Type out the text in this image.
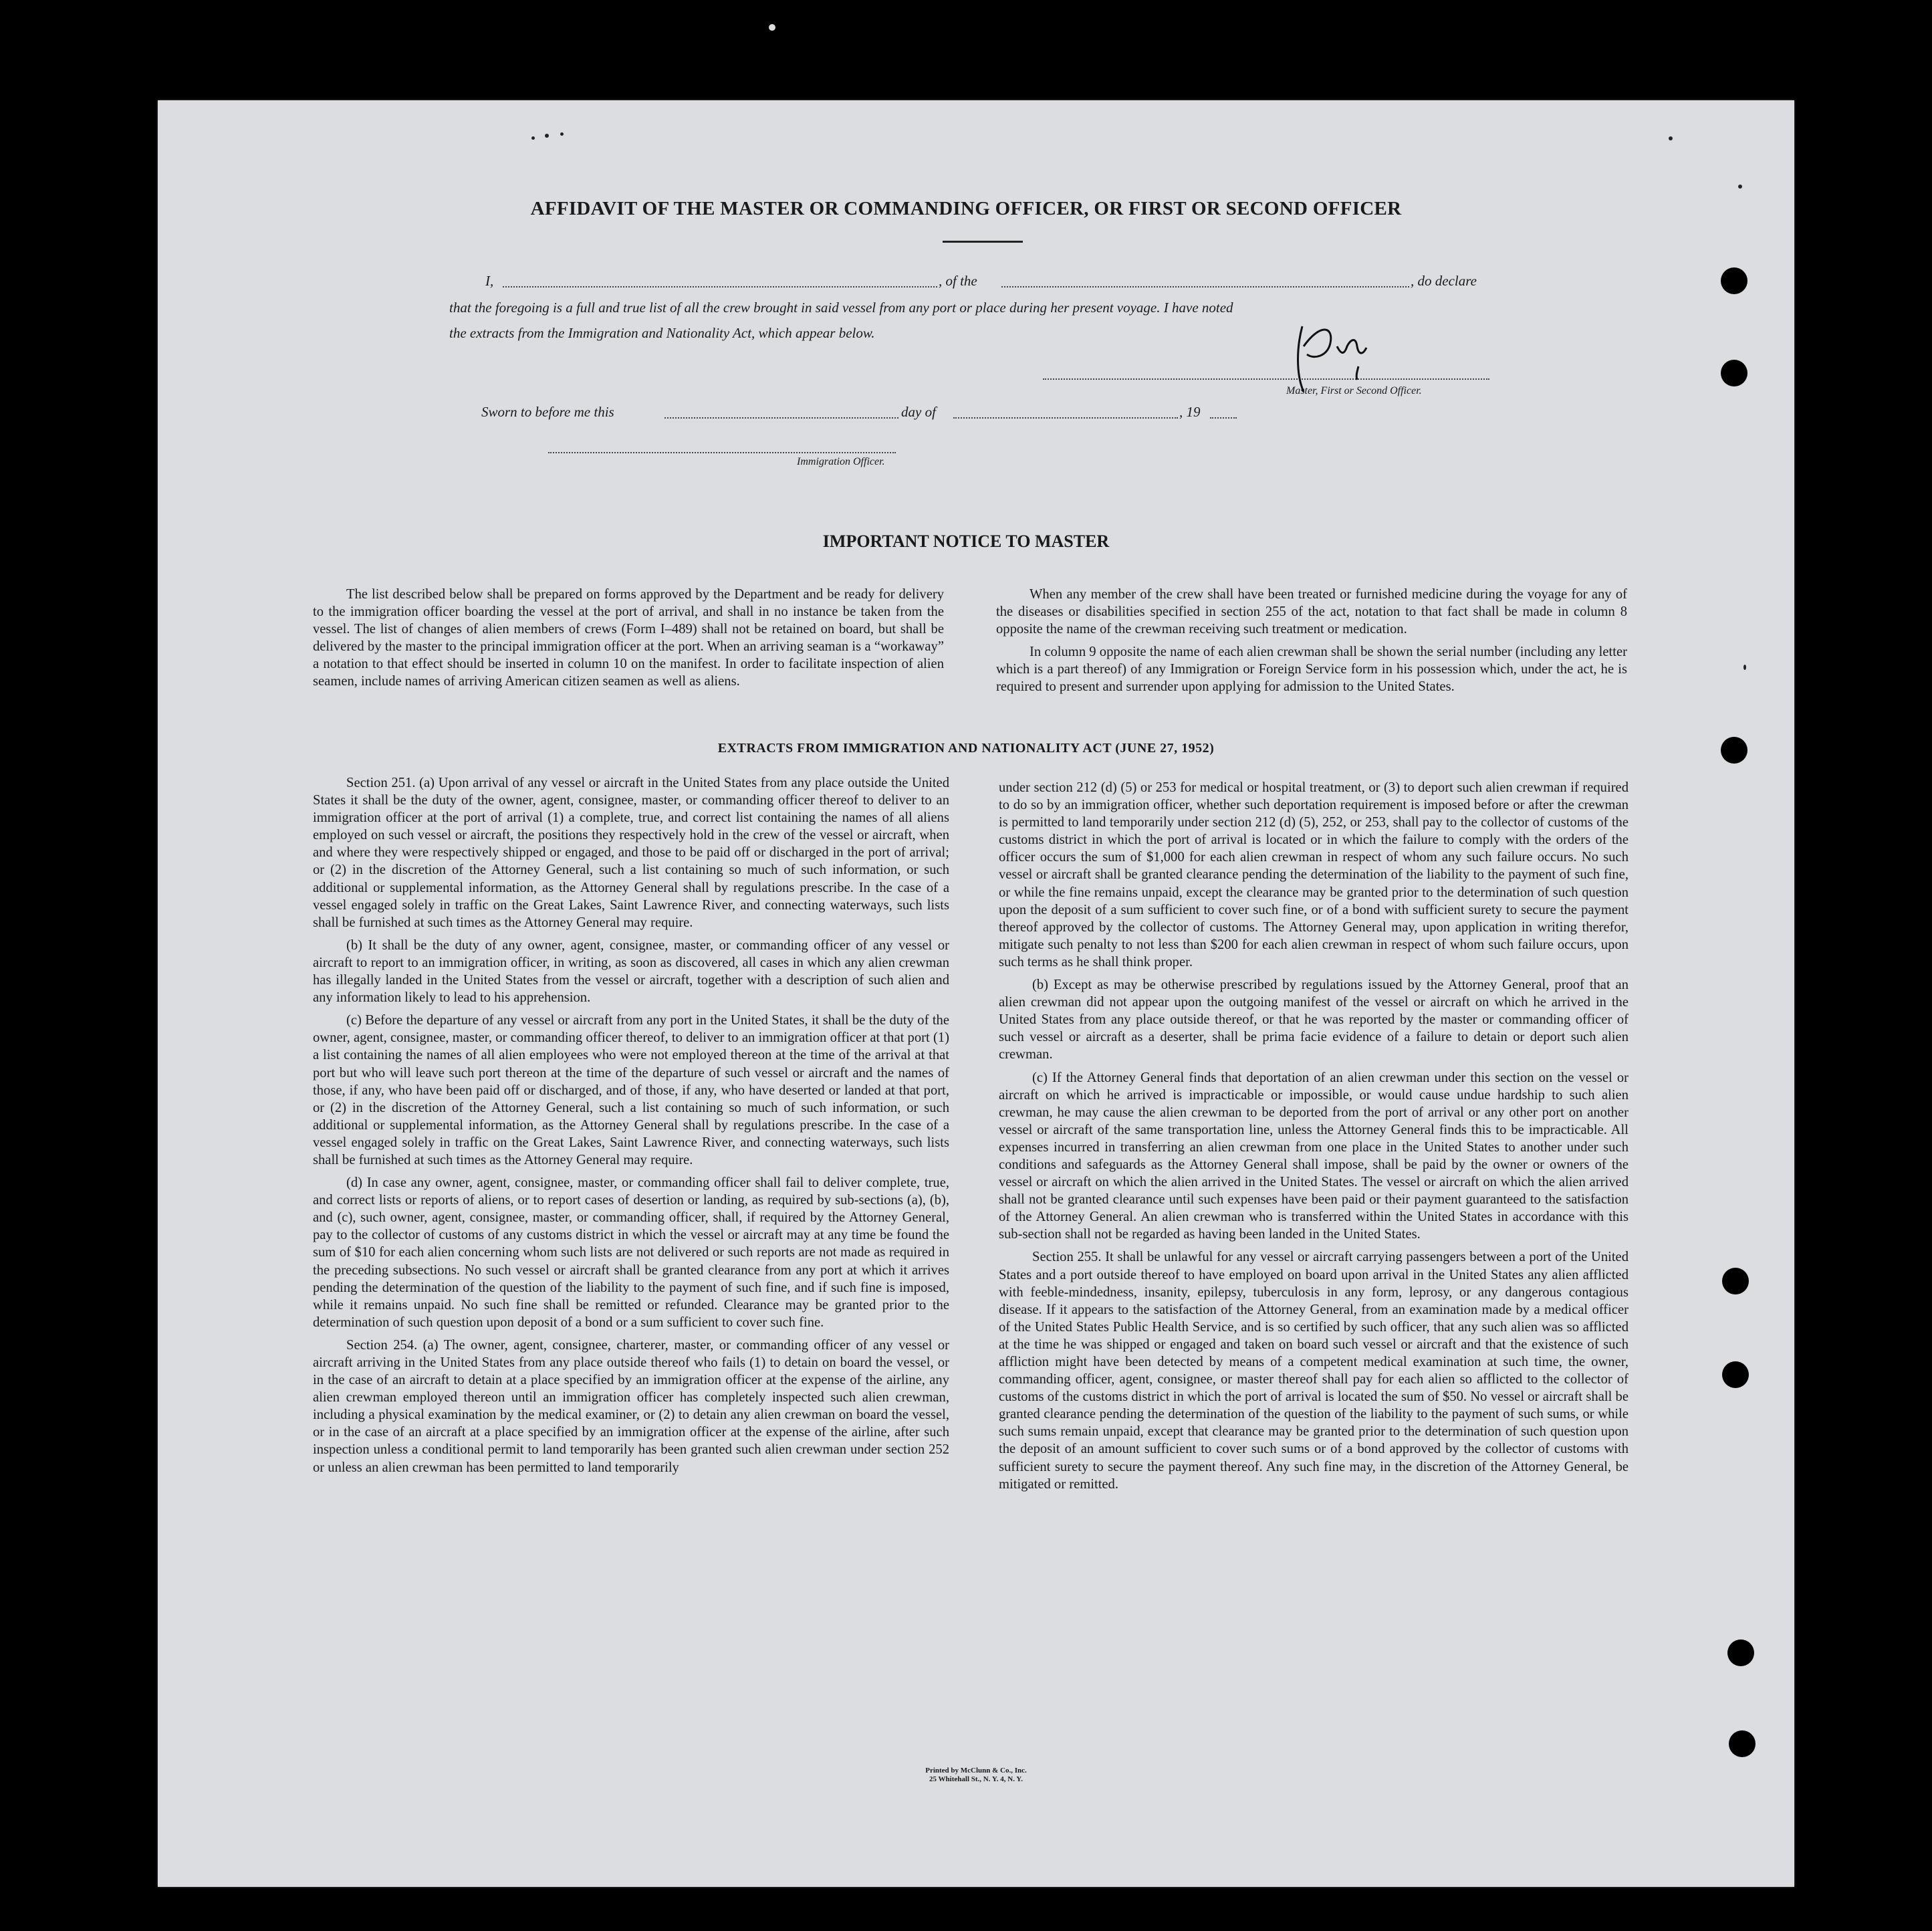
AFFIDAVIT OF THE MASTER OR COMMANDING OFFICER, OR FIRST OR SECOND OFFICER
I,	, of the	, do declare
that the foregoing is a full and true list of all the crew brought in said vessel from any port or place during her present voyage. I have noted
the extracts from the Immigration and Nationality Act, which appear below.
Master, First or Second Officer.
Sworn to before me this	day of	, 19
Immigration Officer.
IMPORTANT NOTICE TO MASTER

The list described below shall be prepared on forms approved by the Department and be ready for delivery to the immigration officer boarding the vessel at the port of arrival, and shall in no instance be taken from the vessel. The list of changes of alien members of crews (Form I–489) shall not be retained on board, but shall be delivered by the master to the principal immigration officer at the port. When an arriving seaman is a “workaway” a notation to that effect should be inserted in column 10 on the manifest. In order to facilitate inspection of alien seamen, include names of arriving American citizen seamen as well as aliens.

When any member of the crew shall have been treated or furnished medicine during the voyage for any of the diseases or disabilities specified in section 255 of the act, notation to that fact shall be made in column 8 opposite the name of the crewman receiving such treatment or medication.

In column 9 opposite the name of each alien crewman shall be shown the serial number (including any letter which is a part thereof) of any Immigration or Foreign Service form in his possession which, under the act, he is required to present and surrender upon applying for admission to the United States.

EXTRACTS FROM IMMIGRATION AND NATIONALITY ACT (JUNE 27, 1952)

Section 251. (a) Upon arrival of any vessel or aircraft in the United States from any place outside the United States it shall be the duty of the owner, agent, consignee, master, or commanding officer thereof to deliver to an immigration officer at the port of arrival (1) a complete, true, and correct list containing the names of all aliens employed on such vessel or aircraft, the positions they respectively hold in the crew of the vessel or aircraft, when and where they were respectively shipped or engaged, and those to be paid off or discharged in the port of arrival; or (2) in the discretion of the Attorney General, such a list containing so much of such information, or such additional or supplemental information, as the Attorney General shall by regulations prescribe. In the case of a vessel engaged solely in traffic on the Great Lakes, Saint Lawrence River, and connecting waterways, such lists shall be furnished at such times as the Attorney General may require.

(b) It shall be the duty of any owner, agent, consignee, master, or commanding officer of any vessel or aircraft to report to an immigration officer, in writing, as soon as discovered, all cases in which any alien crewman has illegally landed in the United States from the vessel or aircraft, together with a description of such alien and any information likely to lead to his apprehension.

(c) Before the departure of any vessel or aircraft from any port in the United States, it shall be the duty of the owner, agent, consignee, master, or commanding officer thereof, to deliver to an immigration officer at that port (1) a list containing the names of all alien employees who were not employed thereon at the time of the arrival at that port but who will leave such port thereon at the time of the departure of such vessel or aircraft and the names of those, if any, who have been paid off or discharged, and of those, if any, who have deserted or landed at that port, or (2) in the discretion of the Attorney General, such a list containing so much of such information, or such additional or supplemental information, as the Attorney General shall by regulations prescribe. In the case of a vessel engaged solely in traffic on the Great Lakes, Saint Lawrence River, and connecting waterways, such lists shall be furnished at such times as the Attorney General may require.

(d) In case any owner, agent, consignee, master, or commanding officer shall fail to deliver complete, true, and correct lists or reports of aliens, or to report cases of desertion or landing, as required by sub-sections (a), (b), and (c), such owner, agent, consignee, master, or commanding officer, shall, if required by the Attorney General, pay to the collector of customs of any customs district in which the vessel or aircraft may at any time be found the sum of $10 for each alien concerning whom such lists are not delivered or such reports are not made as required in the preceding subsections. No such vessel or aircraft shall be granted clearance from any port at which it arrives pending the determination of the question of the liability to the payment of such fine, and if such fine is imposed, while it remains unpaid. No such fine shall be remitted or refunded. Clearance may be granted prior to the determination of such question upon deposit of a bond or a sum sufficient to cover such fine.

Section 254. (a) The owner, agent, consignee, charterer, master, or commanding officer of any vessel or aircraft arriving in the United States from any place outside thereof who fails (1) to detain on board the vessel, or in the case of an aircraft to detain at a place specified by an immigration officer at the expense of the airline, any alien crewman employed thereon until an immigration officer has completely inspected such alien crewman, including a physical examination by the medical examiner, or (2) to detain any alien crewman on board the vessel, or in the case of an aircraft at a place specified by an immigration officer at the expense of the airline, after such inspection unless a conditional permit to land temporarily has been granted such alien crewman under section 252 or unless an alien crewman has been permitted to land temporarily

under section 212 (d) (5) or 253 for medical or hospital treatment, or (3) to deport such alien crewman if required to do so by an immigration officer, whether such deportation requirement is imposed before or after the crewman is permitted to land temporarily under section 212 (d) (5), 252, or 253, shall pay to the collector of customs of the customs district in which the port of arrival is located or in which the failure to comply with the orders of the officer occurs the sum of $1,000 for each alien crewman in respect of whom any such failure occurs. No such vessel or aircraft shall be granted clearance pending the determination of the liability to the payment of such fine, or while the fine remains unpaid, except the clearance may be granted prior to the determination of such question upon the deposit of a sum sufficient to cover such fine, or of a bond with sufficient surety to secure the payment thereof approved by the collector of customs. The Attorney General may, upon application in writing therefor, mitigate such penalty to not less than $200 for each alien crewman in respect of whom such failure occurs, upon such terms as he shall think proper.

(b) Except as may be otherwise prescribed by regulations issued by the Attorney General, proof that an alien crewman did not appear upon the outgoing manifest of the vessel or aircraft on which he arrived in the United States from any place outside thereof, or that he was reported by the master or commanding officer of such vessel or aircraft as a deserter, shall be prima facie evidence of a failure to detain or deport such alien crewman.

(c) If the Attorney General finds that deportation of an alien crewman under this section on the vessel or aircraft on which he arrived is impracticable or impossible, or would cause undue hardship to such alien crewman, he may cause the alien crewman to be deported from the port of arrival or any other port on another vessel or aircraft of the same transportation line, unless the Attorney General finds this to be impracticable. All expenses incurred in transferring an alien crewman from one place in the United States to another under such conditions and safeguards as the Attorney General shall impose, shall be paid by the owner or owners of the vessel or aircraft on which the alien arrived in the United States. The vessel or aircraft on which the alien arrived shall not be granted clearance until such expenses have been paid or their payment guaranteed to the satisfaction of the Attorney General. An alien crewman who is transferred within the United States in accordance with this sub-section shall not be regarded as having been landed in the United States.

Section 255. It shall be unlawful for any vessel or aircraft carrying passengers between a port of the United States and a port outside thereof to have employed on board upon arrival in the United States any alien afflicted with feeble-mindedness, insanity, epilepsy, tuberculosis in any form, leprosy, or any dangerous contagious disease. If it appears to the satisfaction of the Attorney General, from an examination made by a medical officer of the United States Public Health Service, and is so certified by such officer, that any such alien was so afflicted at the time he was shipped or engaged and taken on board such vessel or aircraft and that the existence of such affliction might have been detected by means of a competent medical examination at such time, the owner, commanding officer, agent, consignee, or master thereof shall pay for each alien so afflicted to the collector of customs of the customs district in which the port of arrival is located the sum of $50. No vessel or aircraft shall be granted clearance pending the determination of the question of the liability to the payment of such sums, or while such sums remain unpaid, except that clearance may be granted prior to the determination of such question upon the deposit of an amount sufficient to cover such sums or of a bond approved by the collector of customs with sufficient surety to secure the payment thereof. Any such fine may, in the discretion of the Attorney General, be mitigated or remitted.

Printed by McClunn & Co., Inc.
25 Whitehall St., N. Y. 4, N. Y.
